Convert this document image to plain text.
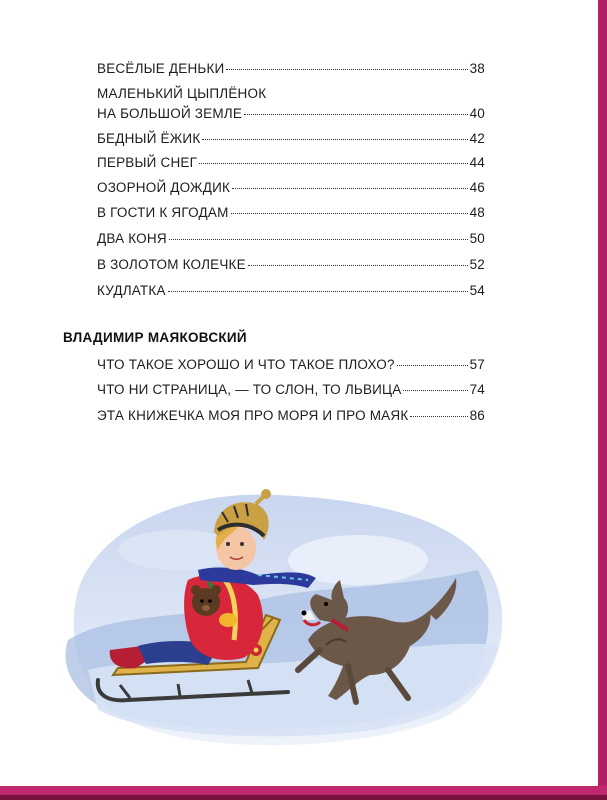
ВЕСЁЛЫЕ ДЕНЬКИ	38
МАЛЕНЬКИЙ ЦЫПЛЁНОК
НА БОЛЬШОЙ ЗЕМЛЕ	40
БЕДНЫЙ ЁЖИК	42
ПЕРВЫЙ СНЕГ	44
ОЗОРНОЙ ДОЖДИК	46
В ГОСТИ К ЯГОДАМ	48
ДВА КОНЯ	50
В ЗОЛОТОМ КОЛЕЧКЕ	52
КУДЛАТКА	54
ВЛАДИМИР МАЯКОВСКИЙ
ЧТО ТАКОЕ ХОРОШО И ЧТО ТАКОЕ ПЛОХО?	57
ЧТО НИ СТРАНИЦА, — ТО СЛОН, ТО ЛЬВИЦА	74
ЭТА КНИЖЕЧКА МОЯ ПРО МОРЯ И ПРО МАЯК	86
